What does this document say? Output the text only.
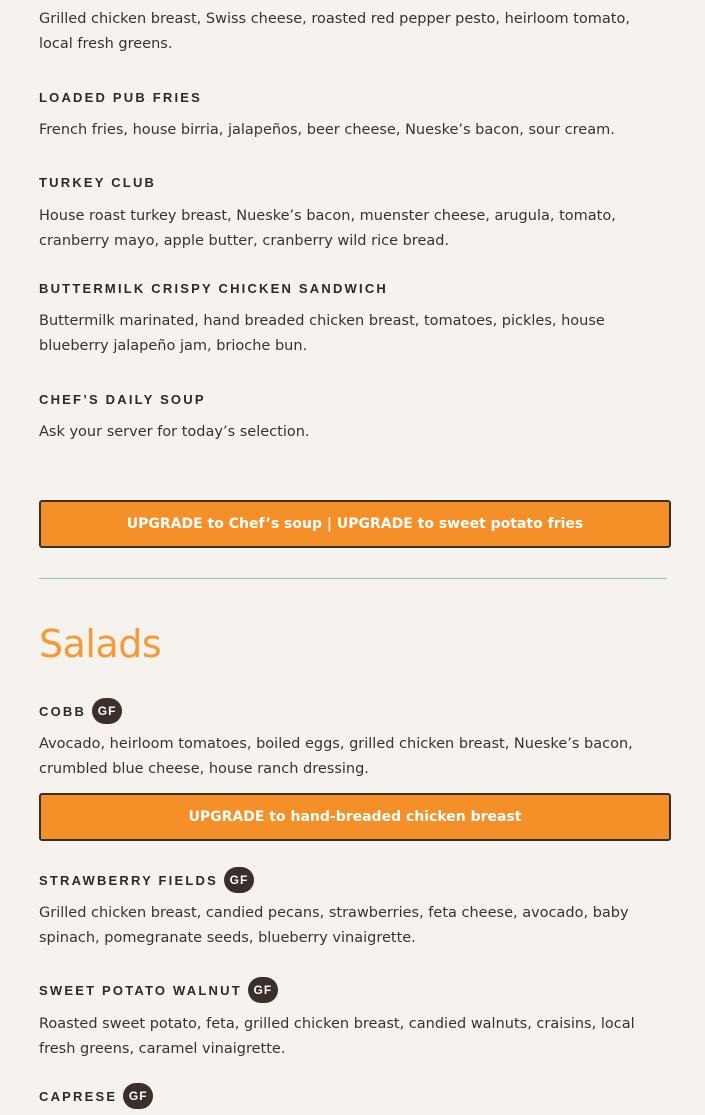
Grilled chicken breast, Swiss cheese, roasted red pepper pesto, heirloom tomato, local fresh greens.

LOADED PUB FRIES

French fries, house birria, jalapeños, beer cheese, Nueske’s bacon, sour cream.

TURKEY CLUB

House roast turkey breast, Nueske’s bacon, muenster cheese, arugula, tomato, cranberry mayo, apple butter, cranberry wild rice bread.

BUTTERMILK CRISPY CHICKEN SANDWICH

Buttermilk marinated, hand breaded chicken breast, tomatoes, pickles, house blueberry jalapeño jam, brioche bun.

CHEF’S DAILY SOUP

Ask your server for today’s selection.

UPGRADE to Chef’s soup | UPGRADE to sweet potato fries
Salads
COBB GF

Avocado, heirloom tomatoes, boiled eggs, grilled chicken breast, Nueske’s bacon, crumbled blue cheese, house ranch dressing.

UPGRADE to hand-breaded chicken breast
STRAWBERRY FIELDS GF

Grilled chicken breast, candied pecans, strawberries, feta cheese, avocado, baby spinach, pomegranate seeds, blueberry vinaigrette.

SWEET POTATO WALNUT GF

Roasted sweet potato, feta, grilled chicken breast, candied walnuts, craisins, local fresh greens, caramel vinaigrette.

CAPRESE GF
